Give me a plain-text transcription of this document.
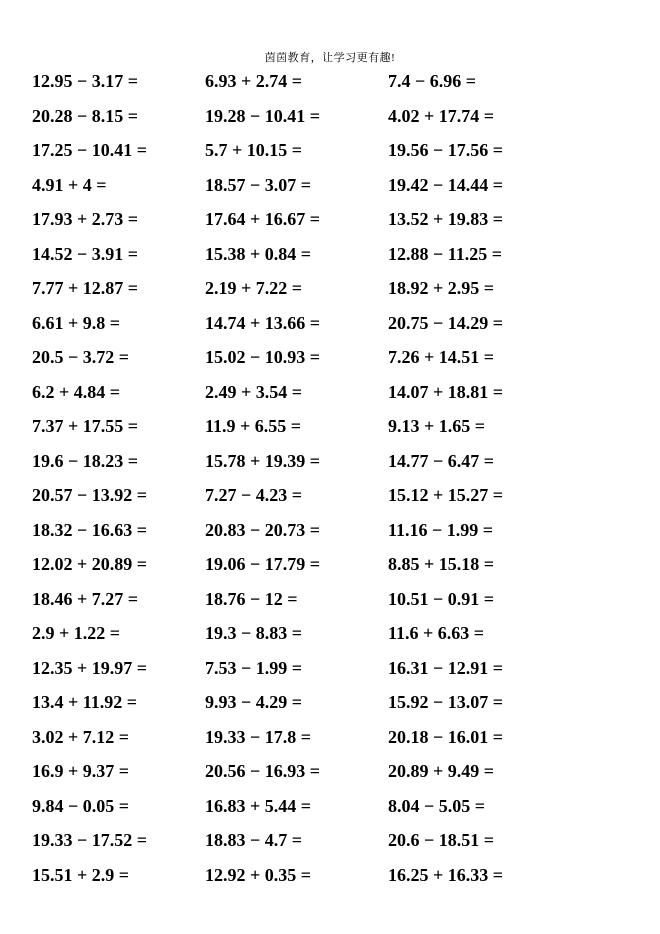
茵茵教育，让学习更有趣!
12.95 − 3.17 =	6.93 + 2.74 =	7.4 − 6.96 =
20.28 − 8.15 =	19.28 − 10.41 =	4.02 + 17.74 =
17.25 − 10.41 =	5.7 + 10.15 =	19.56 − 17.56 =
4.91 + 4 =	18.57 − 3.07 =	19.42 − 14.44 =
17.93 + 2.73 =	17.64 + 16.67 =	13.52 + 19.83 =
14.52 − 3.91 =	15.38 + 0.84 =	12.88 − 11.25 =
7.77 + 12.87 =	2.19 + 7.22 =	18.92 + 2.95 =
6.61 + 9.8 =	14.74 + 13.66 =	20.75 − 14.29 =
20.5 − 3.72 =	15.02 − 10.93 =	7.26 + 14.51 =
6.2 + 4.84 =	2.49 + 3.54 =	14.07 + 18.81 =
7.37 + 17.55 =	11.9 + 6.55 =	9.13 + 1.65 =
19.6 − 18.23 =	15.78 + 19.39 =	14.77 − 6.47 =
20.57 − 13.92 =	7.27 − 4.23 =	15.12 + 15.27 =
18.32 − 16.63 =	20.83 − 20.73 =	11.16 − 1.99 =
12.02 + 20.89 =	19.06 − 17.79 =	8.85 + 15.18 =
18.46 + 7.27 =	18.76 − 12 =	10.51 − 0.91 =
2.9 + 1.22 =	19.3 − 8.83 =	11.6 + 6.63 =
12.35 + 19.97 =	7.53 − 1.99 =	16.31 − 12.91 =
13.4 + 11.92 =	9.93 − 4.29 =	15.92 − 13.07 =
3.02 + 7.12 =	19.33 − 17.8 =	20.18 − 16.01 =
16.9 + 9.37 =	20.56 − 16.93 =	20.89 + 9.49 =
9.84 − 0.05 =	16.83 + 5.44 =	8.04 − 5.05 =
19.33 − 17.52 =	18.83 − 4.7 =	20.6 − 18.51 =
15.51 + 2.9 =	12.92 + 0.35 =	16.25 + 16.33 =
